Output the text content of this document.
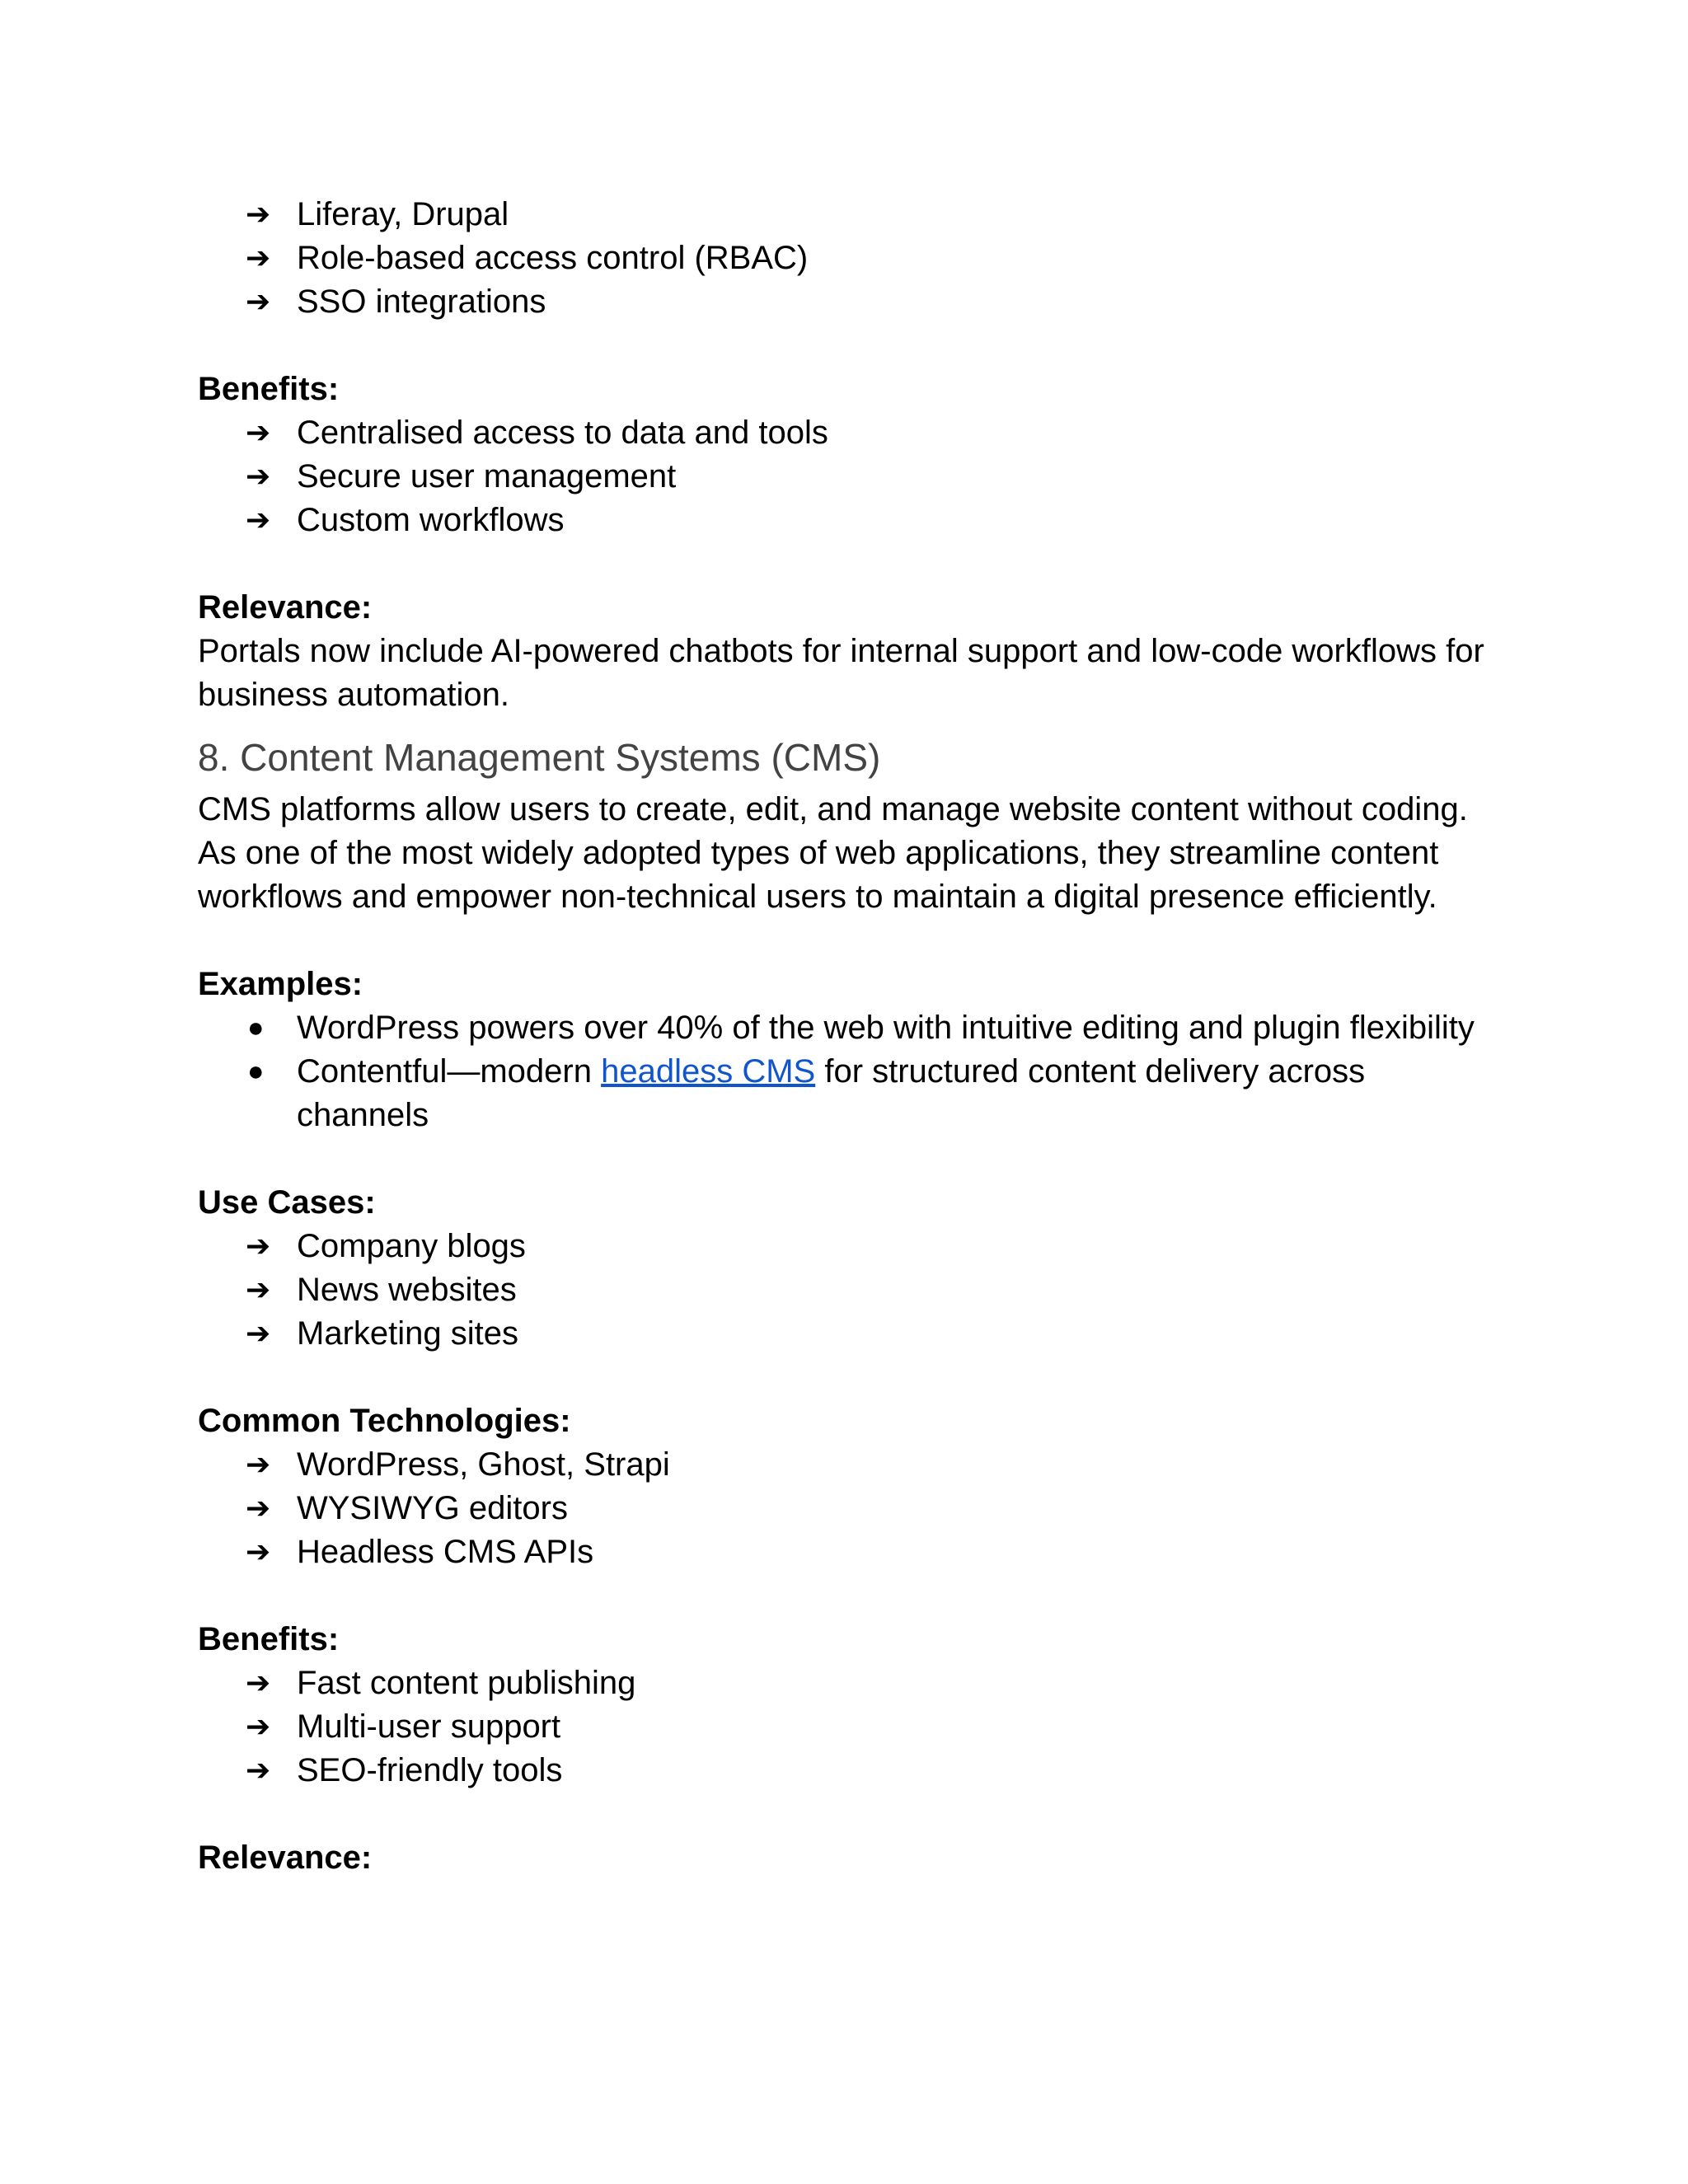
➔ Liferay, Drupal
➔ Role-based access control (RBAC)
➔ SSO integrations

Benefits:

➔ Centralised access to data and tools
➔ Secure user management
➔ Custom workflows

Relevance:

Portals now include AI-powered chatbots for internal support and low-code workflows for business automation.

8. Content Management Systems (CMS)

CMS platforms allow users to create, edit, and manage website content without coding. As one of the most widely adopted types of web applications, they streamline content workflows and empower non-technical users to maintain a digital presence efficiently.

Examples:

● WordPress powers over 40% of the web with intuitive editing and plugin flexibility
● Contentful—modern headless CMS for structured content delivery across channels

Use Cases:

➔ Company blogs
➔ News websites
➔ Marketing sites

Common Technologies:

➔ WordPress, Ghost, Strapi
➔ WYSIWYG editors
➔ Headless CMS APIs

Benefits:

➔ Fast content publishing
➔ Multi-user support
➔ SEO-friendly tools

Relevance:
